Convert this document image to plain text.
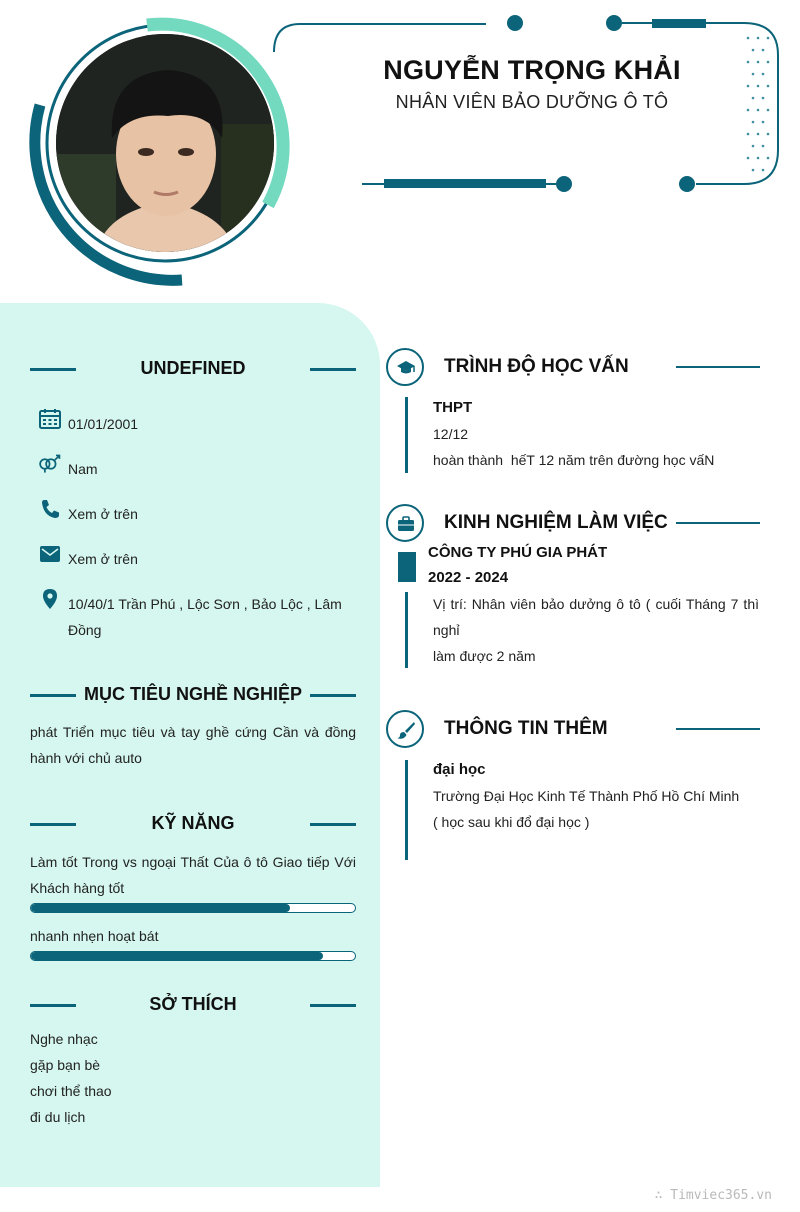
NGUYỄN TRỌNG KHẢI
NHÂN VIÊN BẢO DƯỠNG Ô TÔ
UNDEFINED
01/01/2001
Nam
Xem ở trên
Xem ở trên
10/40/1 Trần Phú , Lộc Sơn , Bảo Lộc , Lâm Đồng
MỤC TIÊU NGHỀ NGHIỆP
phát Triển mục tiêu và tay ghề cứng Cần và đồng hành với chủ auto
KỸ NĂNG
Làm tốt Trong vs ngoại Thất Của ô tô Giao tiếp Với Khách hàng tốt
nhanh nhẹn hoạt bát
SỞ THÍCH
Nghe nhạc
gặp bạn bè
chơi thể thao
đi du lịch
TRÌNH ĐỘ HỌC VẤN
THPT
12/12
hoàn thành  hếT 12 năm trên đường học vấN
KINH NGHIỆM LÀM VIỆC
CÔNG TY PHÚ GIA PHÁT
2022 - 2024
Vị trí: Nhân viên bảo dưởng ô tô ( cuối Tháng 7 thì nghỉ
làm được 2 năm
THÔNG TIN THÊM
đại học
Trường Đại Học Kinh Tế Thành Phố Hồ Chí Minh
( học sau khi đổ đại học )
∴ Timviec365.vn
